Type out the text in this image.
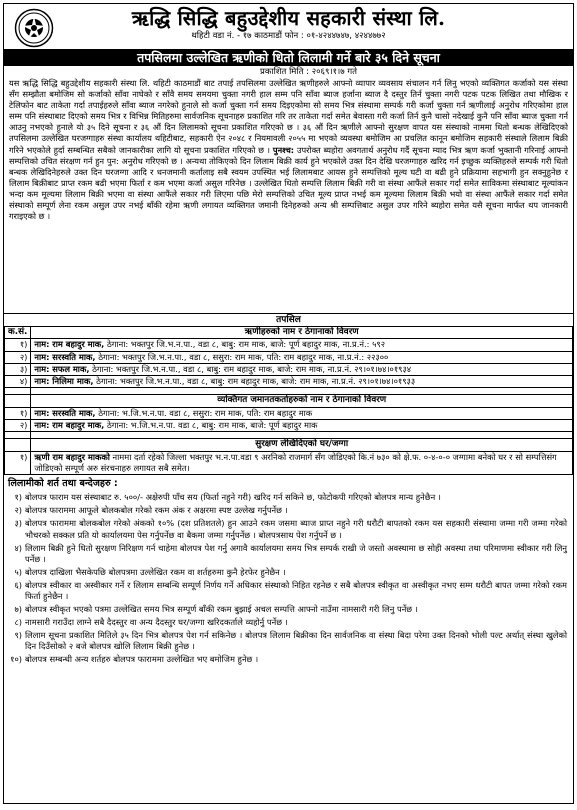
ऋद्धि सिद्धि बहुउद्देशीय सहकारी संस्था लि.
थहिटी वडा नं. - १७ काठमाडौं फोन : ०१-४२४४७४७, ४२४४७७२
तपसिलमा उल्लेखित ऋणीको धितो लिलामी गर्ने बारे ३५ दिने सूचना
प्रकाशित मिति : २०६९।१।७ गते
यस ऋद्धि सिद्धि बहुउद्देशीय सहकारी संस्था लि. थहिटी काठमाडौं बाट तपाई तपसिलमा उल्लेखित ऋणीहरुले आफ्नो व्यापार व्यवसाय संचालन गर्न लिनु भएको व्यक्तिगत कर्जाको यस संस्था सँग सम्झौता बमोजिम सो कर्जाको साँवा नाघेको र साँवै समय समयमा चुक्ता नगरी हाल सम्म पनि साँवा ब्याज हर्जाना ब्याज दै दस्तुर तिर्न चुक्ता नगरी पटक पटक लिखित तथा मौखिक र टेलिफोन बाट ताकेता गर्दा तपाईहरुले साँवा ब्याज नगरेको हुनाले सो कर्जा चुक्ता गर्न समय दिइएकोमा सो समय भित्र संस्थामा सम्पर्क गरी कर्जा चुक्ता गर्न ऋणीलाई अनुरोध गरिएकोमा हाल सम्म पनि संस्थाबाट दिएको समय भित्र र विभिन्न मितिहरुमा सार्वजनिक सूचनाहरु प्रकाशित गरि तर ताकेता गर्दा समेत बेवास्ता गरी कर्जा तिर्न कुनै चासो नदेखाई कुनै पनि साँवा ब्याज चुक्ता गर्न आउनु नभएको हुनाले यो ३५ दिने सूचना र ३६ औं दिन लिलामको सूचना प्रकाशित गरिएको छ । ३६ औं दिन ऋणीले आफ्नो सुरक्षण वापत यस संस्थाको नाममा धितो बन्धक लेखिदिएको तपसिलमा उल्लेखित घरजग्गाहरु संस्था कार्यालय थहिटीबाट, सहकारी ऐन २०४८ र नियमावली २०५५ मा भएको व्यवस्था बमोजिम आ प्रचलित कानून बमोजिम सहकारी संस्थाले लिलाम बिक्री गरिने भएकोले हुर्दा सम्बन्धित सबैको जानकारीका लागि यो सूचना प्रकाशित गरिएको छ । पुनश्च: उपरोक्त ब्यहोरा अवगतार्थ अनुरोध गर्दै सूचना म्याद भित्र ऋण कर्जा भुक्तानी गरिनाई आफ्नो सम्पत्तिको उचित संरक्षण गर्न हुन पुन: अनुरोध गरिएको छ । अन्यथा तोकिएको दिन लिलाम बिक्री कार्य हुने भएकोले उक्त दिन देखि घरजग्गाहरु खरिद गर्न इच्छुक व्यक्तिहरुले सम्पर्क गरी धितो बन्धक लेखिदिनेहरुले उक्त दिन घरजग्गा आदि र धनजमानी कर्तालाइ सबै स्वयम उपस्थित भई लिलामबाट आयस हुने सम्पत्तिको मूल्य घटी वा बढी हुने प्रक्रियामा सहभागी हुन सक्नुहुनेछ र लिलाम बिक्रीबाट प्राप्त रकम बढी भएमा फिर्ता र कम भएमा कर्जा असुल गरिनेछ । उल्लेखित धितो सम्पत्ति लिलाम बिक्री गरी वा संस्था आफैंले सकार गर्दा समेत साविकमा संस्थाबाट मूल्यांकन भन्दा कम मूल्यमा लिलाम बिक्री भएमा वा संस्था आफैंले सकार गरी लिएमा पछि मेरो सम्पत्तिको उचित मूल्य प्राप्त नभई कम मूल्यमा लिलाम बिक्री भयो वा संस्था आफैंले सकार गर्दा समेत संस्थाको सम्पूर्ण लेना रकम असुल उपर नभई बाँकी रहेमा ऋणी लगायत व्यक्तिगत जमानी दिनेहरुको अन्य श्री सम्पत्तिबाट असुल उपर गरिने ब्यहोरा समेत यसै सूचना मार्फत थप जानकारी गराइएको छ ।
तपसिल
क.सं.	ऋणीहरुको नाम र ठेगानाको विवरण
१)	नाम: राम बहादुर माक, ठेगाना: भक्तपुर जि.भ.न.पा., वडा ८, बाबु: राम माक, बाजे: पूर्ण बहादुर माक, ना.प्र.नं.: ५९२
२)	नाम: सरस्वति माक, ठेगाना: भक्तपुर जि.भ.न.पा., वडा ८, ससुरा: राम माक, पति: राम बहादुर माक, ना.प्र.नं.: २२३००
३)	नाम: सफल माक, ठेगाना: भक्तपुर जि.भ.न.पा., वडा ८, बाबु: राम बहादुर माक, बाजे: राम माक, ना.प्र.नं. २९।०१।७४।०१९३४
४)	नाम: निलिमा माक, ठेगाना: भक्तपुर जि.भ.न.पा., वडा ८, बाबु: राम बहादुर माक, बाजे: राम माक, ना.प्र.नं. २९।०१।७४।०१९३३

	व्यक्तिगत जमानतकर्ताहरुको नाम र ठेगानाको विवरण
१)	नाम: सरस्वति माक, ठेगाना: भ.जि.भ.न.पा. वडा ८, ससुरा: राम माक, पति: राम बहादुर माक
२)	नाम: राम बहादुर माक, ठेगाना: भ.जि.भ.न.पा. वडा ८, बाबु: राम माक, बाजे: पूर्ण बहादुर माक

	सुरक्षण लेखिदिएको घर/जग्गा
१)	ऋणी राम बहादुर माकको नाममा दर्ता रहेको जिल्ला भक्तपुर भ.न.पा.वडा ९ अरनिको राजमार्ग सँग जोडिएको कि.नं ७३० को क्षे.फ. ०-४-०-० जग्गामा बनेको घर र सो सम्पत्तिसंग जोडिएको सम्पूर्ण अरु संरचनाहरु लगायत सबै समेत।
लिलामीको शर्त तथा बन्देजहरु :
१) बोलपत्र फाराम यस संस्थाबाट रु. ५००/- अक्षेरुपी पाँच सय (फिर्ता नहुने गरी) खरिद गर्न सकिने छ, फोटोकपी गरिएको बोलपत्र मान्य हुनेछैन ।
२) बोलपत्र फाराममा आफूले बोलकबोल गरेको रकम अंक र अक्षरमा स्पष्ट उल्लेख गर्नुपर्नेछ ।
३) बोलपत्र फाराममा बोलकबोल गरेको अंकको १०% (दश प्रतिशतले) हुन आउने रकम जसमा ब्याज प्राप्त नहुने गरी धरौटी बापतको रकम यस सहकारी संस्थामा जम्मा गरी जम्मा गरेको भौचरको सक्कल प्रति यो कार्यालयमा पेस गर्नुपर्नेछ वा बैकमा जम्मा गर्नुपर्नेछ । बोलपत्रसाथ पेश गर्नुपर्ने छ ।
४) लिलाम बिक्री हुने धितो सुरक्षण निरिक्षण गर्न चाहेमा बोलपत्र पेश गर्नु अगावै कार्यालयमा समय भित्र सम्पर्क राखी जे जस्तो अवस्थामा छ सोही अवस्था तथा परिमाणमा स्वीकार गरी लिनु पर्नेछ ।
५) बोलपत्र दाखिला भैसकेपछि बोलपत्रमा उल्लेखित रकम वा शर्तहरुमा कुनै हेरफेर हुनेछैन ।
६) बोलपत्र स्वीकार वा अस्वीकार गर्ने र लिलाम सम्बन्धि सम्पूर्ण निर्णय गर्ने अधिकार संस्थाको निहित रहनेछ र सबै बोलपत्र स्वीकृत वा अस्वीकृत नभए सम्म धरौटी बापत जम्मा गरेको रकम फिर्ता हुनेछैन ।
७) बोलपत्र स्वीकृत भएको पत्रमा उल्लेखित समय भित्र सम्पूर्ण बाँकी रकम बुझाई अचल सम्पत्ति आफ्नो नाउँमा नामसारी गरी लिनु पर्नेछ ।
८) नामसारी गराउँदा लाग्ने सबै दैदस्तुर वा अन्य दैदस्तुर घर/जग्गा खरिदकर्ताले व्यहोर्नु पर्नेछ ।
९) लिलाम सूचना प्रकाशित मितिले ३५ दिन भित्र बोलपत्र पेश गर्न सकिनेछ । बोलपत्र लिलाम बिक्रीका दिन सार्वजनिक वा संस्था बिदा परेमा उक्त दिनको भोली पल्ट अर्थात् संस्था खुलेको दिन दिउँसोको २ बजे बोलपत्र खोलि लिलाम बिक्री हुनेछ ।
१०) बोलपत्र सम्बन्धी अन्य शर्तहरु बोलपत्र फाराममा उल्लेखित भए बमोजिम हुनेछ ।
